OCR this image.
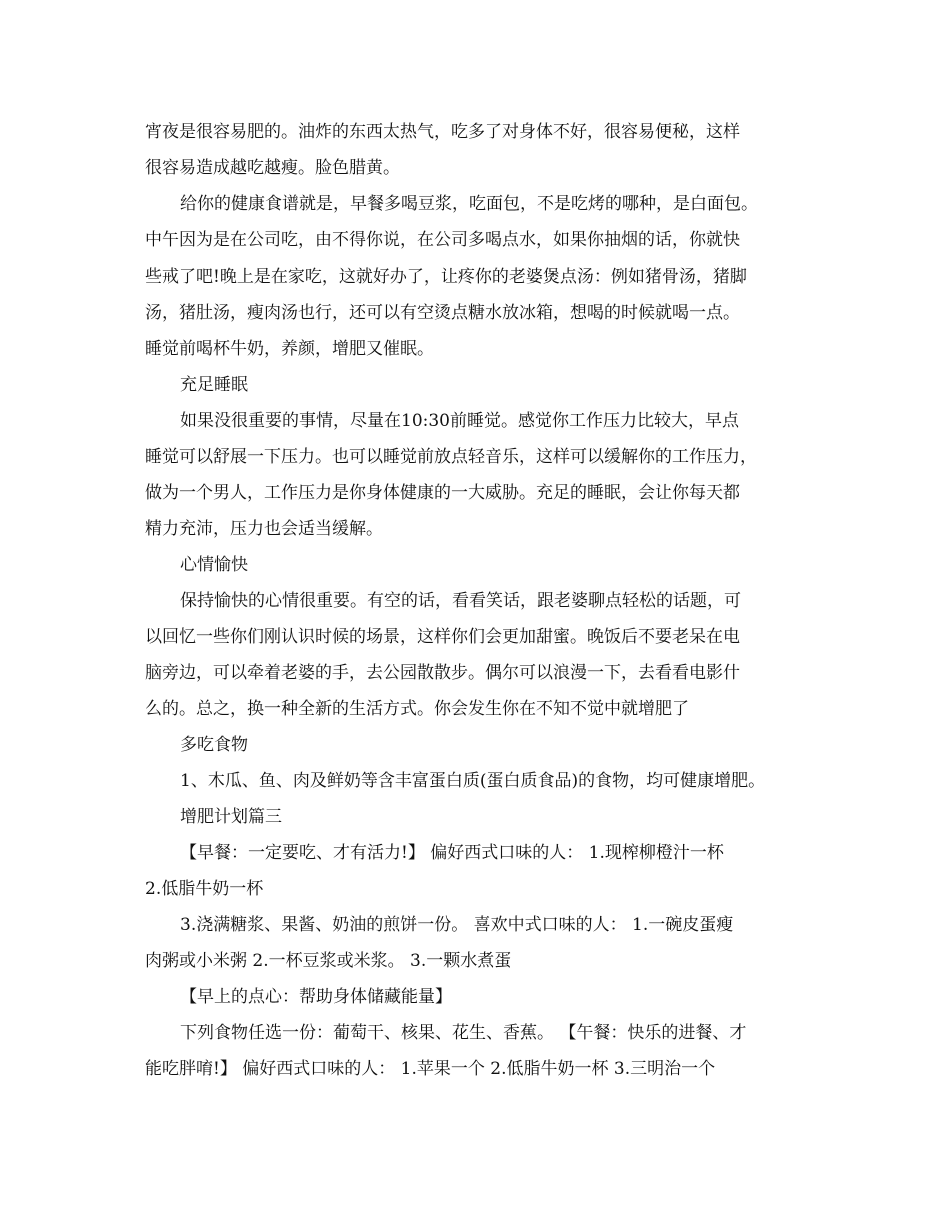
宵夜是很容易肥的。油炸的东西太热气，吃多了对身体不好，很容易便秘，这样
很容易造成越吃越瘦。脸色腊黄。
给你的健康食谱就是，早餐多喝豆浆，吃面包，不是吃烤的哪种，是白面包。
中午因为是在公司吃，由不得你说，在公司多喝点水，如果你抽烟的话，你就快
些戒了吧!晚上是在家吃，这就好办了，让疼你的老婆煲点汤：例如猪骨汤，猪脚
汤，猪肚汤，瘦肉汤也行，还可以有空烫点糖水放冰箱，想喝的时候就喝一点。
睡觉前喝杯牛奶，养颜，增肥又催眠。
充足睡眠
如果没很重要的事情，尽量在10:30前睡觉。感觉你工作压力比较大，早点
睡觉可以舒展一下压力。也可以睡觉前放点轻音乐，这样可以缓解你的工作压力，
做为一个男人，工作压力是你身体健康的一大威胁。充足的睡眠，会让你每天都
精力充沛，压力也会适当缓解。
心情愉快
保持愉快的心情很重要。有空的话，看看笑话，跟老婆聊点轻松的话题，可
以回忆一些你们刚认识时候的场景，这样你们会更加甜蜜。晚饭后不要老呆在电
脑旁边，可以牵着老婆的手，去公园散散步。偶尔可以浪漫一下，去看看电影什
么的。总之，换一种全新的生活方式。你会发生你在不知不觉中就增肥了
多吃食物
1、木瓜、鱼、肉及鲜奶等含丰富蛋白质(蛋白质食品)的食物，均可健康增肥。
增肥计划篇三
【早餐：一定要吃、才有活力!】 偏好西式口味的人： 1.现榨柳橙汁一杯
2.低脂牛奶一杯
3.浇满糖浆、果酱、奶油的煎饼一份。 喜欢中式口味的人： 1.一碗皮蛋瘦
肉粥或小米粥 2.一杯豆浆或米浆。 3.一颗水煮蛋
【早上的点心：帮助身体储藏能量】
下列食物任选一份：葡萄干、核果、花生、香蕉。 【午餐：快乐的进餐、才
能吃胖唷!】 偏好西式口味的人： 1.苹果一个 2.低脂牛奶一杯 3.三明治一个
